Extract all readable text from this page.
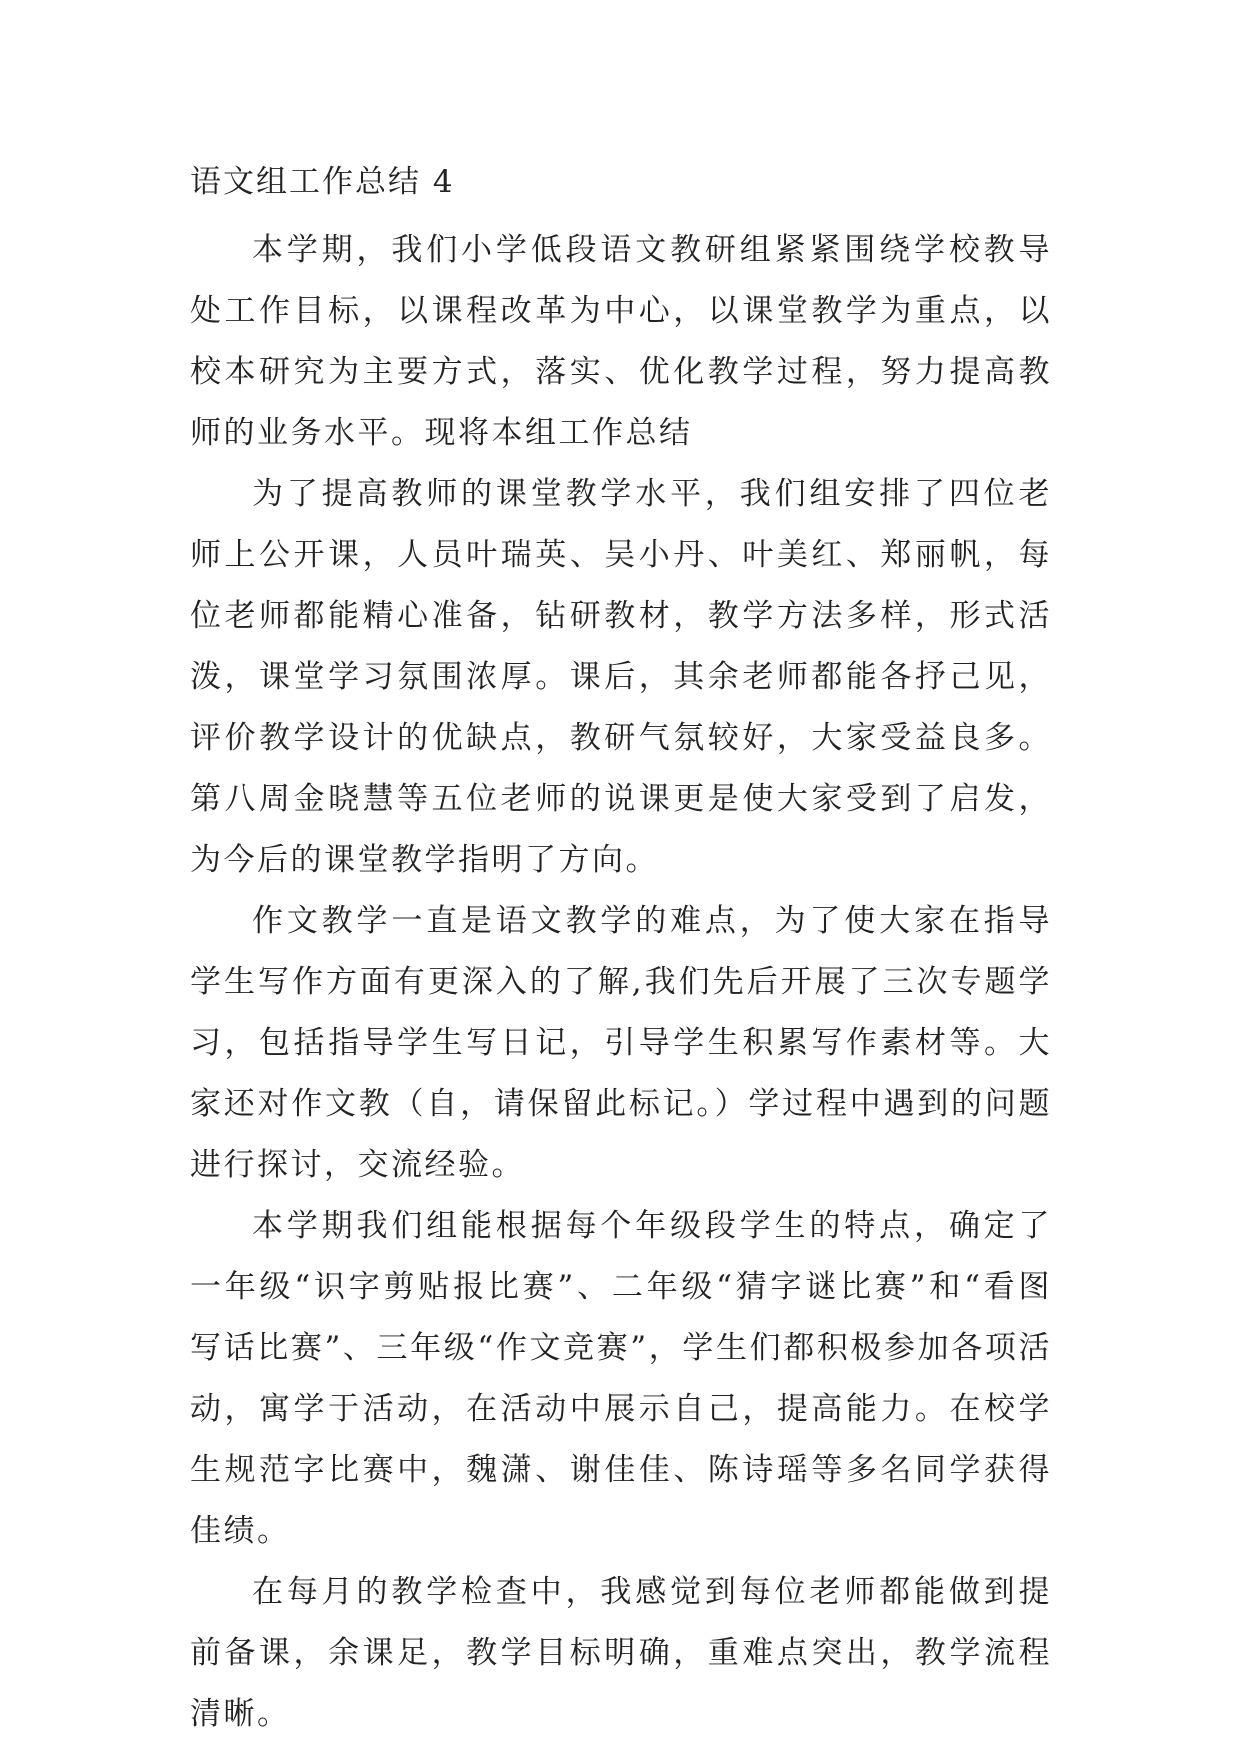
语文组工作总结 4

本学期，我们小学低段语文教研组紧紧围绕学校教导处工作目标，以课程改革为中心，以课堂教学为重点，以校本研究为主要方式，落实、优化教学过程，努力提高教师的业务水平。现将本组工作总结

为了提高教师的课堂教学水平，我们组安排了四位老师上公开课，人员叶瑞英、吴小丹、叶美红、郑丽帆，每位老师都能精心准备，钻研教材，教学方法多样，形式活泼，课堂学习氛围浓厚。课后，其余老师都能各抒己见，评价教学设计的优缺点，教研气氛较好，大家受益良多。第八周金晓慧等五位老师的说课更是使大家受到了启发，为今后的课堂教学指明了方向。

作文教学一直是语文教学的难点，为了使大家在指导学生写作方面有更深入的了解,我们先后开展了三次专题学习，包括指导学生写日记，引导学生积累写作素材等。大家还对作文教（自，请保留此标记。）学过程中遇到的问题进行探讨，交流经验。

本学期我们组能根据每个年级段学生的特点，确定了一年级“识字剪贴报比赛”、二年级“猜字谜比赛”和“看图写话比赛”、三年级“作文竞赛”，学生们都积极参加各项活动，寓学于活动，在活动中展示自己，提高能力。在校学生规范字比赛中，魏潇、谢佳佳、陈诗瑶等多名同学获得佳绩。

在每月的教学检查中，我感觉到每位老师都能做到提前备课，余课足，教学目标明确，重难点突出，教学流程清晰。
